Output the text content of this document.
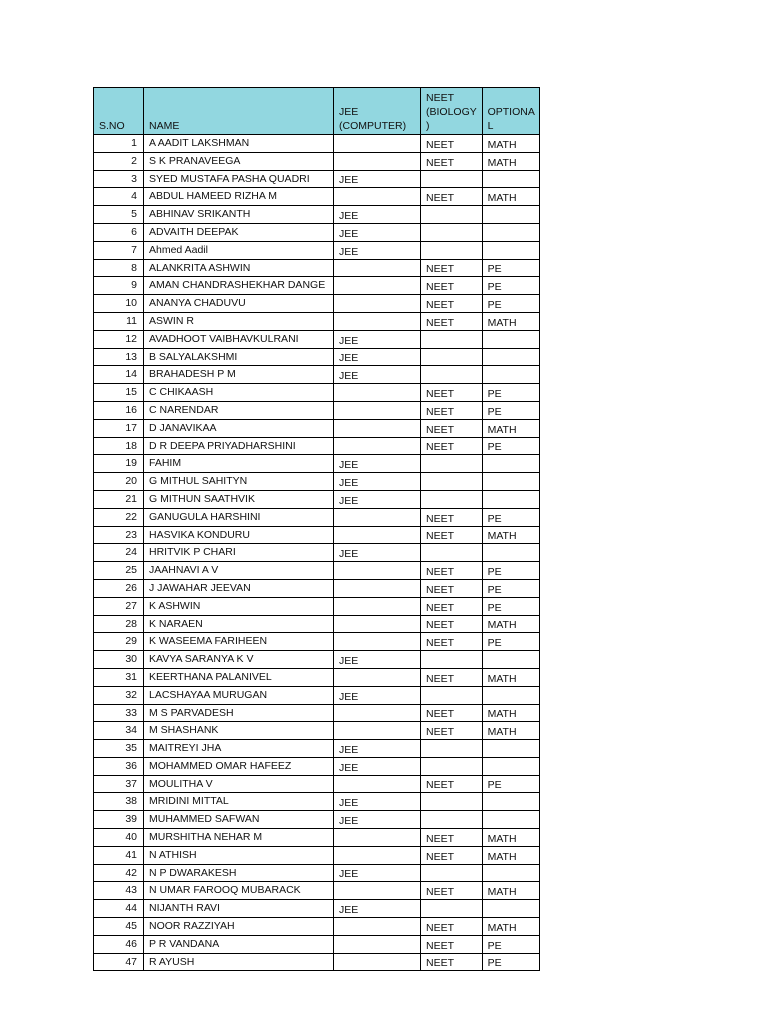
S.NO	NAME	JEE (COMPUTER)	NEET (BIOLOGY )	OPTIONA L
1	A AADIT LAKSHMAN		NEET	MATH
2	S K PRANAVEEGA		NEET	MATH
3	SYED MUSTAFA PASHA QUADRI	JEE		
4	ABDUL HAMEED RIZHA M		NEET	MATH
5	ABHINAV SRIKANTH	JEE		
6	ADVAITH DEEPAK	JEE		
7	Ahmed Aadil	JEE		
8	ALANKRITA ASHWIN		NEET	PE
9	AMAN CHANDRASHEKHAR DANGE		NEET	PE
10	ANANYA CHADUVU		NEET	PE
11	ASWIN R		NEET	MATH
12	AVADHOOT VAIBHAVKULRANI	JEE		
13	B SALYALAKSHMI	JEE		
14	BRAHADESH P M	JEE		
15	C CHIKAASH		NEET	PE
16	C NARENDAR		NEET	PE
17	D JANAVIKAA		NEET	MATH
18	D R DEEPA PRIYADHARSHINI		NEET	PE
19	FAHIM	JEE		
20	G MITHUL SAHITYN	JEE		
21	G MITHUN SAATHVIK	JEE		
22	GANUGULA HARSHINI		NEET	PE
23	HASVIKA KONDURU		NEET	MATH
24	HRITVIK P CHARI	JEE		
25	JAAHNAVI A V		NEET	PE
26	J JAWAHAR JEEVAN		NEET	PE
27	K ASHWIN		NEET	PE
28	K NARAEN		NEET	MATH
29	K WASEEMA FARIHEEN		NEET	PE
30	KAVYA SARANYA K V	JEE		
31	KEERTHANA PALANIVEL		NEET	MATH
32	LACSHAYAA MURUGAN	JEE		
33	M S PARVADESH		NEET	MATH
34	M SHASHANK		NEET	MATH
35	MAITREYI JHA	JEE		
36	MOHAMMED OMAR HAFEEZ	JEE		
37	MOULITHA V		NEET	PE
38	MRIDINI MITTAL	JEE		
39	MUHAMMED SAFWAN	JEE		
40	MURSHITHA NEHAR M		NEET	MATH
41	N ATHISH		NEET	MATH
42	N P DWARAKESH	JEE		
43	N UMAR FAROOQ MUBARACK		NEET	MATH
44	NIJANTH RAVI	JEE		
45	NOOR RAZZIYAH		NEET	MATH
46	P R VANDANA		NEET	PE
47	R AYUSH		NEET	PE
